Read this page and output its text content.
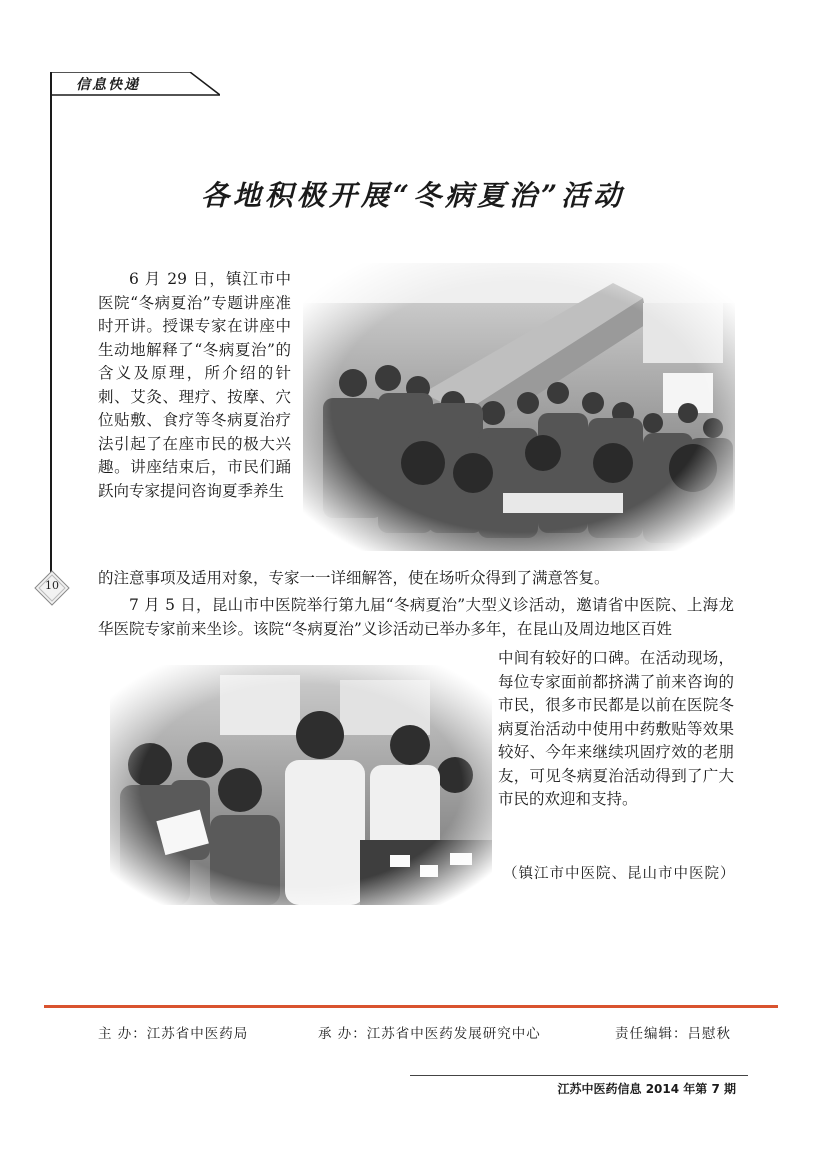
信息快递
10
各地积极开展“冬病夏治”活动
6 月 29 日，镇江市中医院“冬病夏治”专题讲座准时开讲。授课专家在讲座中生动地解释了“冬病夏治”的含义及原理，所介绍的针刺、艾灸、理疗、按摩、穴位贴敷、食疗等冬病夏治疗法引起了在座市民的极大兴趣。讲座结束后，市民们踊跃向专家提问咨询夏季养生
的注意事项及适用对象，专家一一详细解答，使在场听众得到了满意答复。
7 月 5 日，昆山市中医院举行第九届“冬病夏治”大型义诊活动，邀请省中医院、上海龙华医院专家前来坐诊。该院“冬病夏治”义诊活动已举办多年，在昆山及周边地区百姓
中间有较好的口碑。在活动现场，每位专家面前都挤满了前来咨询的市民，很多市民都是以前在医院冬病夏治活动中使用中药敷贴等效果较好、今年来继续巩固疗效的老朋友，可见冬病夏治活动得到了广大市民的欢迎和支持。
（镇江市中医院、昆山市中医院）
主 办：江苏省中医药局	承 办：江苏省中医药发展研究中心	责任编辑：吕慰秋
江苏中医药信息 2014 年第 7 期
